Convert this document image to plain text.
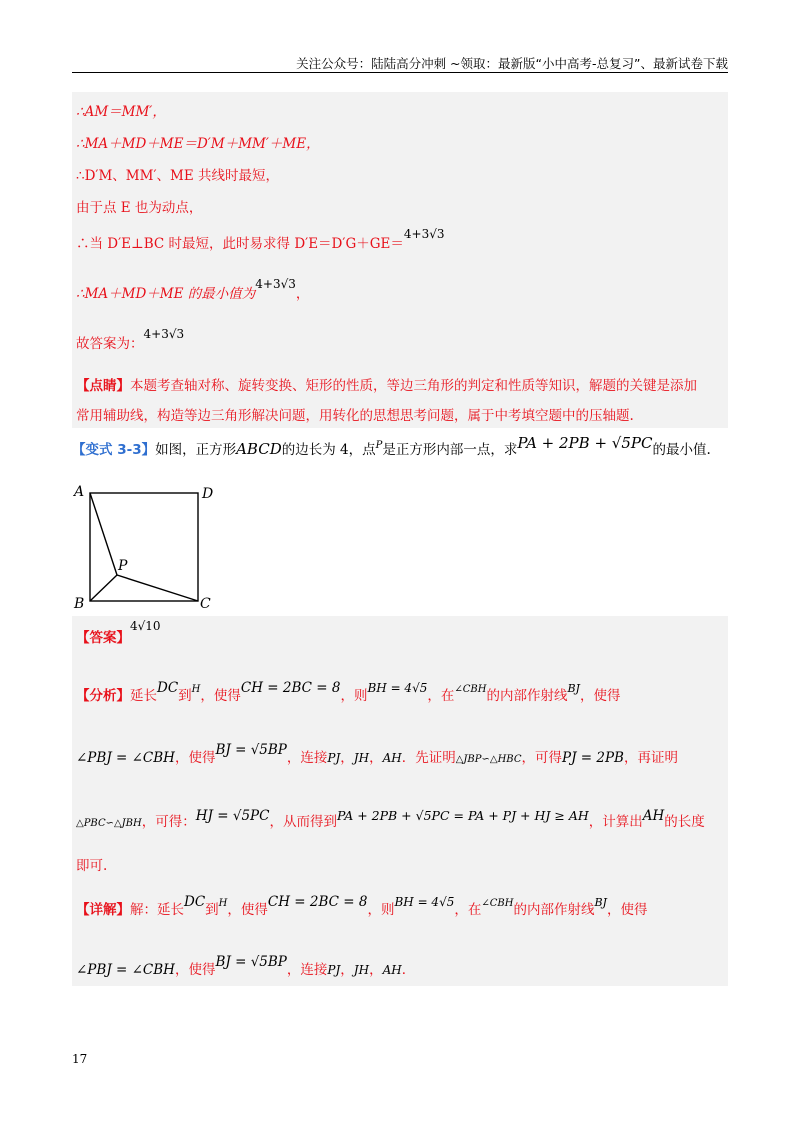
关注公众号：陆陆高分冲刺 ~领取：最新版“小中高考-总复习”、最新试卷下载
∴AM＝MM′，
∴MA＋MD＋ME＝D′M＋MM′＋ME，
∴D′M、MM′、ME 共线时最短，
由于点 E 也为动点，
∴当 D′E⊥BC 时最短，此时易求得 D′E＝D′G＋GE＝4+3√3
∴MA＋MD＋ME 的最小值为4+3√3，
故答案为：4+3√3
【点睛】本题考查轴对称、旋转变换、矩形的性质，等边三角形的判定和性质等知识，解题的关键是添加
常用辅助线，构造等边三角形解决问题，用转化的思想思考问题，属于中考填空题中的压轴题.
【变式 3-3】如图，正方形ABCD的边长为 4，点$^P$是正方形内部一点，求PA + 2PB + √5PC的最小值.
A	D
B	C
P
【答案】4√10
【分析】延长DC到$^H$，使得CH = 2BC = 8，则BH = 4√5，在$^{\angle CBH}$的内部作射线$^{BJ}$，使得
∠PBJ = ∠CBH，使得BJ = √5BP，连接PJ，JH，AH．先证明△JBP∽△HBC，可得PJ = 2PB，再证明
△PBC∽△JBH，可得：HJ = √5PC，从而得到PA + 2PB + √5PC = PA + PJ + HJ ≥ AH，计算出AH的长度
即可.
【详解】解：延长DC到$^H$，使得CH = 2BC = 8，则BH = 4√5，在$^{\angle CBH}$的内部作射线$^{BJ}$，使得
∠PBJ = ∠CBH，使得BJ = √5BP，连接PJ，JH，AH．
17
